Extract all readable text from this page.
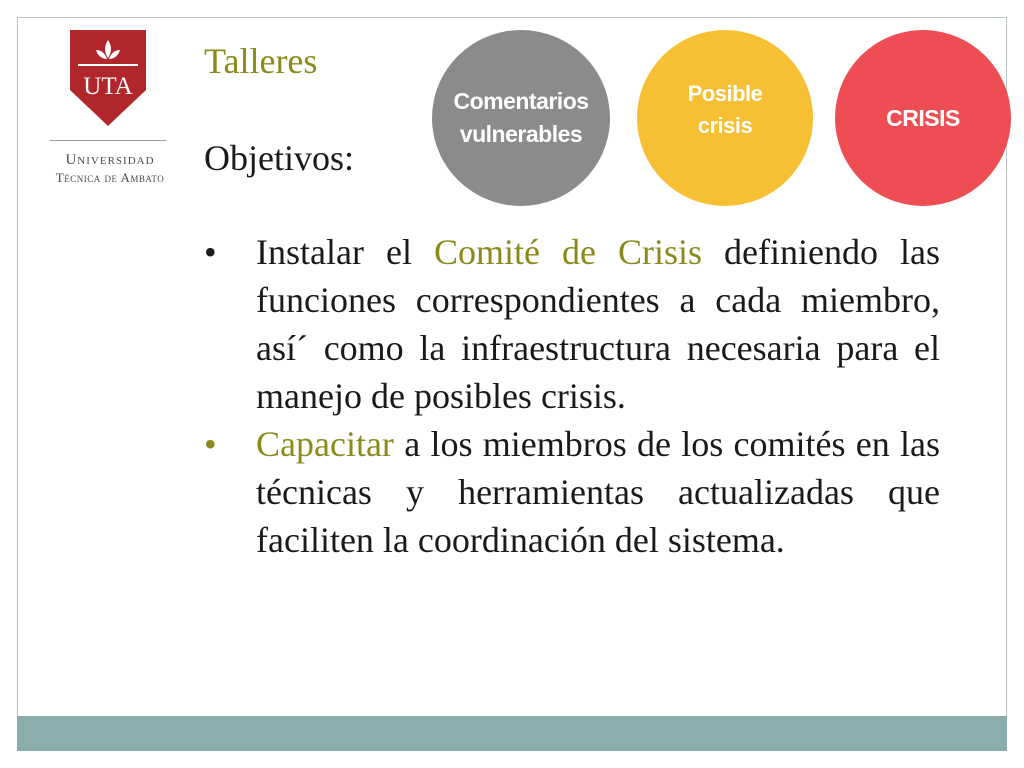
UTA
Universidad
Técnica de Ambato
Talleres
Objetivos:
Comentarios
vulnerables
Posible
crisis	CRISIS
• Instalar el Comité de Crisis definiendo las funciones correspondientes a cada miembro, así´ como la infraestructura necesaria para el manejo de posibles crisis.
• Capacitar a los miembros de los comités en las técnicas y herramientas actualizadas que faciliten la coordinación del sistema.
